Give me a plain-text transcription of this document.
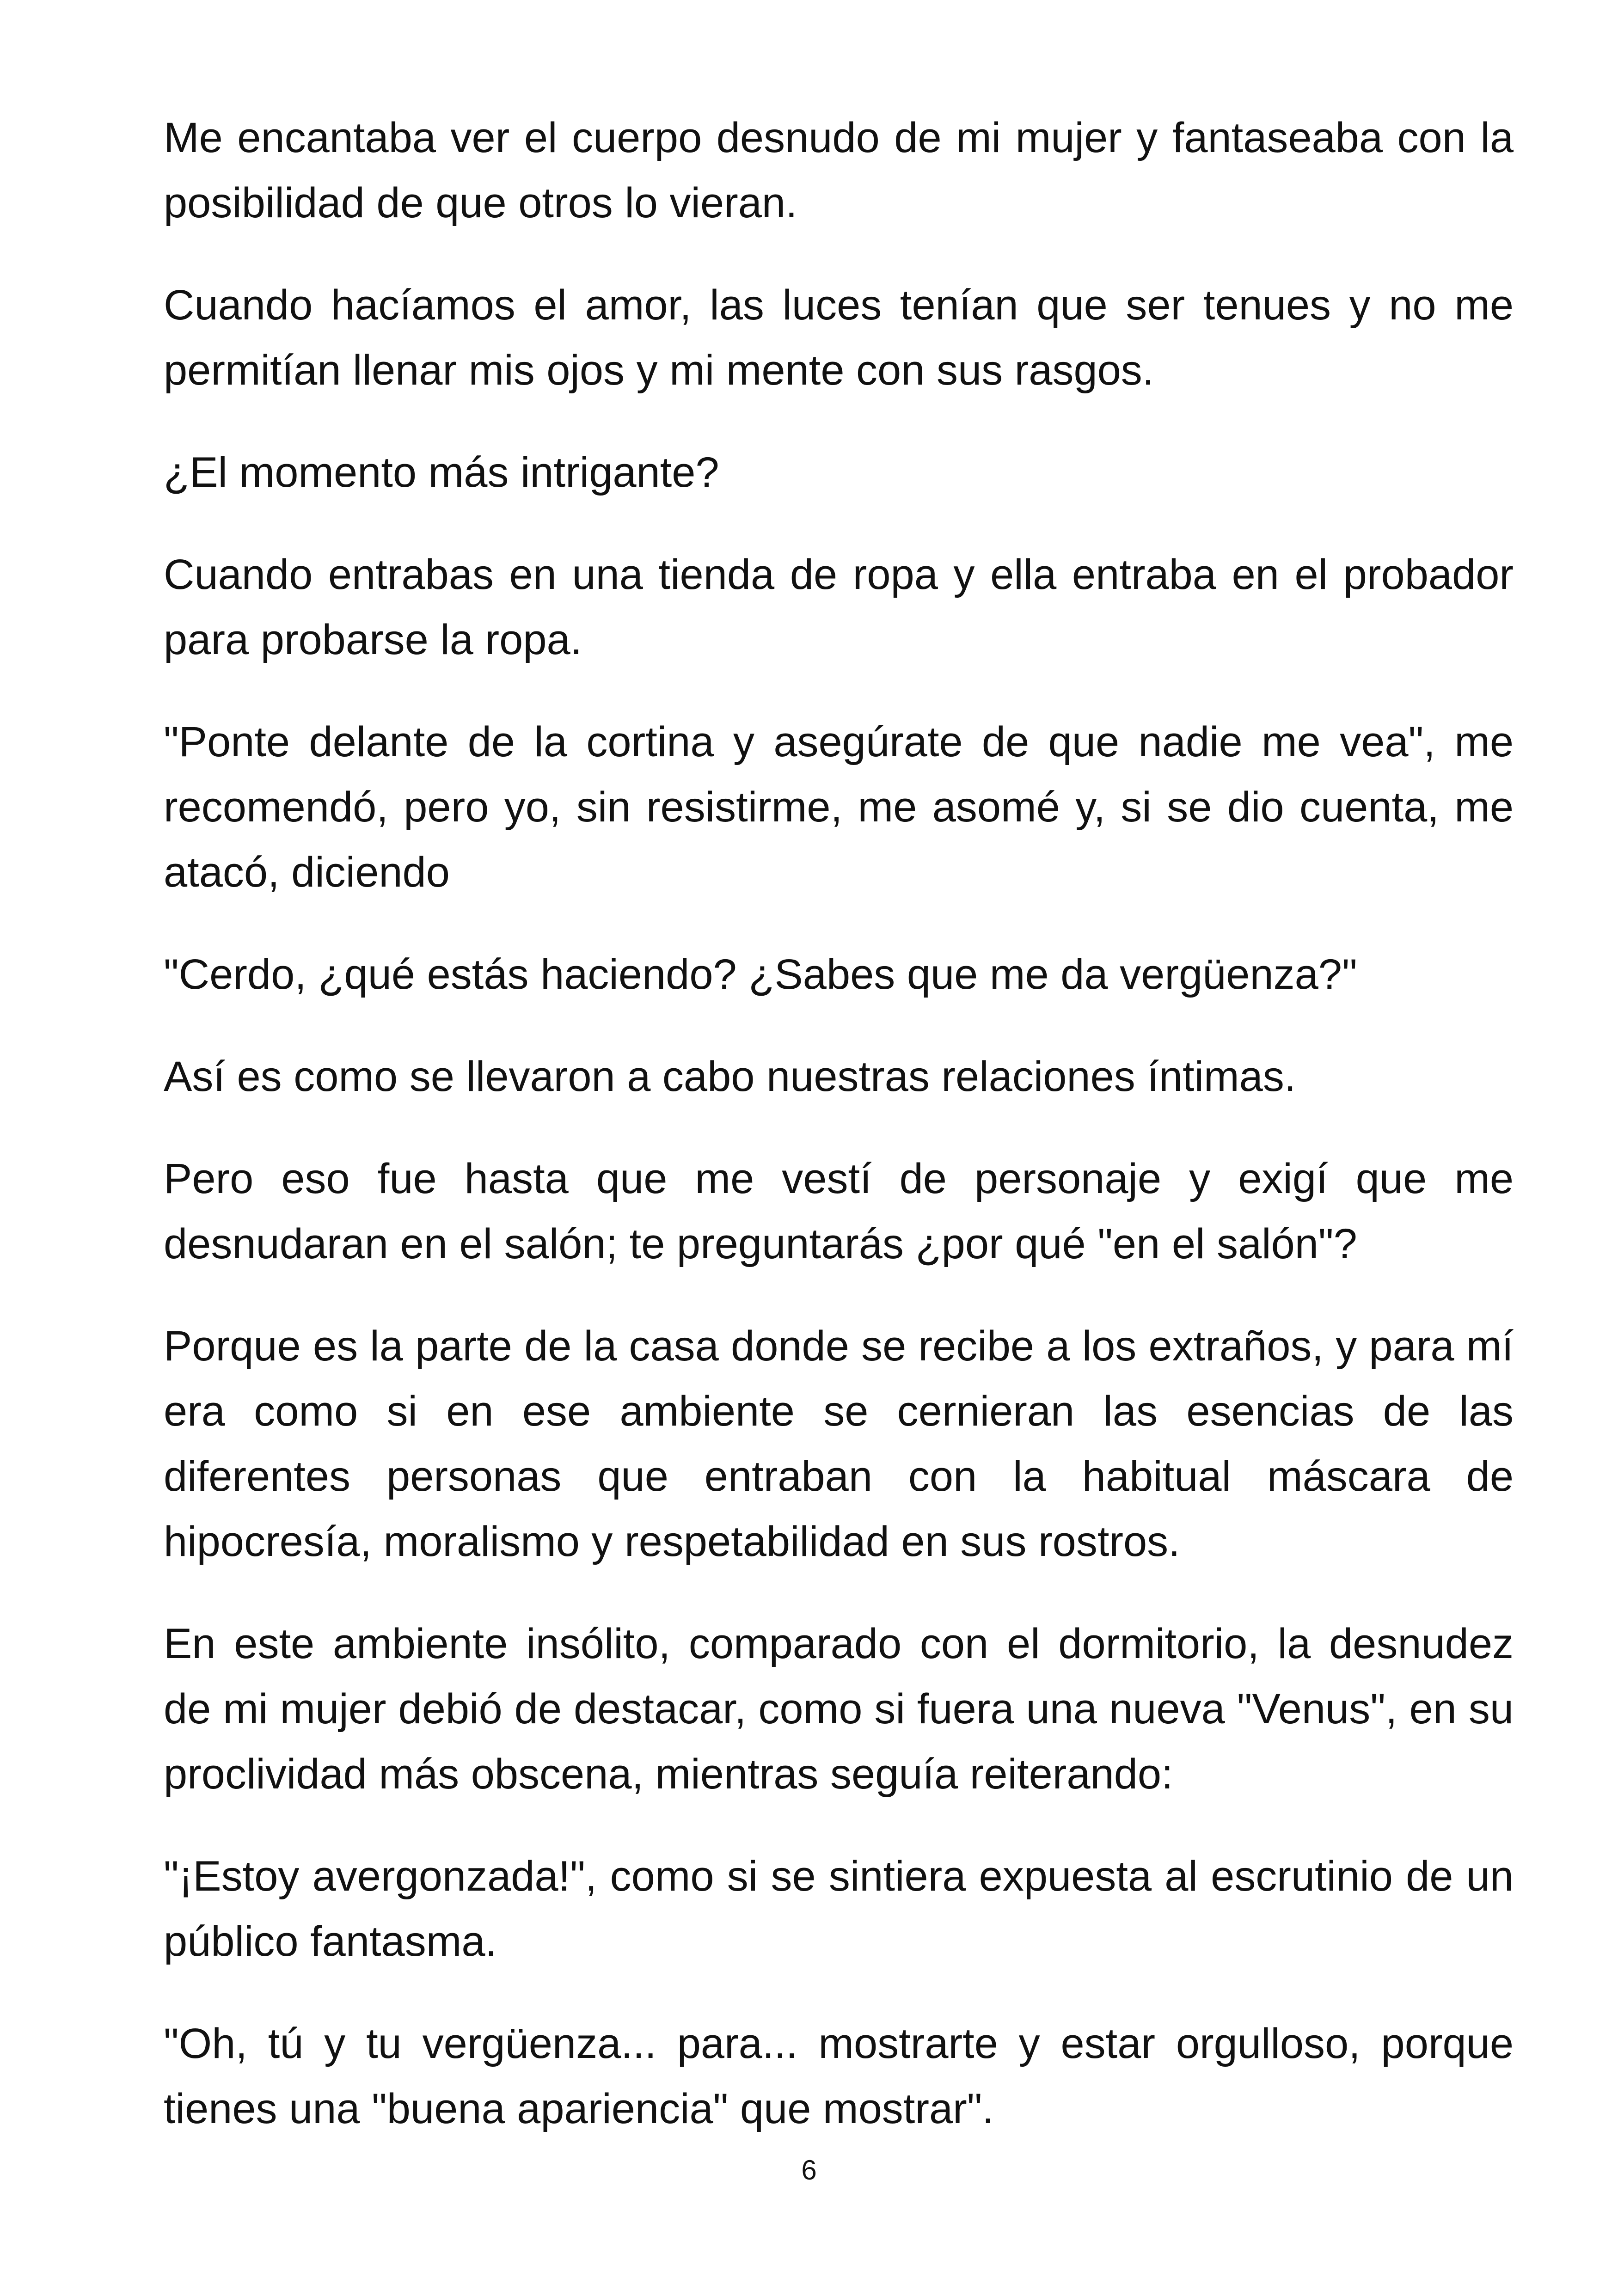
Me encantaba ver el cuerpo desnudo de mi mujer y fantaseaba con la posibilidad de que otros lo vieran.

Cuando hacíamos el amor, las luces tenían que ser tenues y no me permitían llenar mis ojos y mi mente con sus rasgos.

¿El momento más intrigante?

Cuando entrabas en una tienda de ropa y ella entraba en el probador para probarse la ropa.

"Ponte delante de la cortina y asegúrate de que nadie me vea", me recomendó, pero yo, sin resistirme, me asomé y, si se dio cuenta, me atacó, diciendo

"Cerdo, ¿qué estás haciendo? ¿Sabes que me da vergüenza?"

Así es como se llevaron a cabo nuestras relaciones íntimas.

Pero eso fue hasta que me vestí de personaje y exigí que me desnudaran en el salón; te preguntarás ¿por qué "en el salón"?

Porque es la parte de la casa donde se recibe a los extraños, y para mí era como si en ese ambiente se cernieran las esencias de las diferentes personas que entraban con la habitual máscara de hipocresía, moralismo y respetabilidad en sus rostros.

En este ambiente insólito, comparado con el dormitorio, la desnudez de mi mujer debió de destacar, como si fuera una nueva "Venus", en su proclividad más obscena, mientras seguía reiterando:

"¡Estoy avergonzada!", como si se sintiera expuesta al escrutinio de un público fantasma.

"Oh, tú y tu vergüenza... para... mostrarte y estar orgulloso, porque tienes una "buena apariencia" que mostrar".

6
